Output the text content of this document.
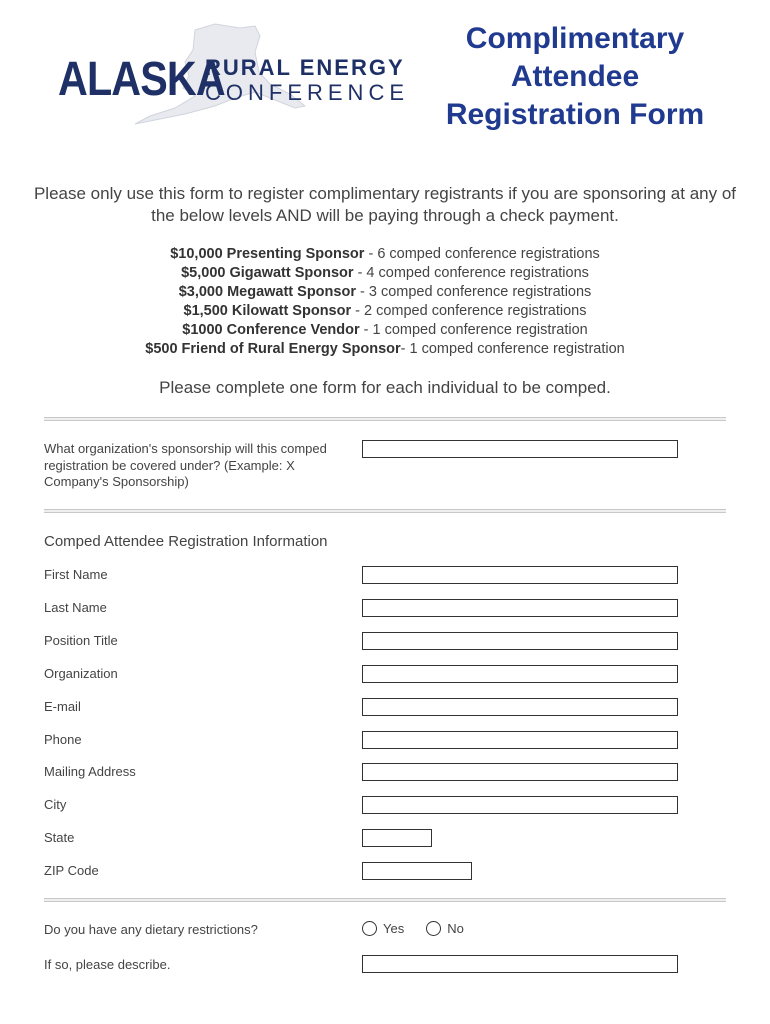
ALASKA
RURAL ENERGY
CONFERENCE
Complimentary
Attendee
Registration Form
Please only use this form to register complimentary registrants if you are sponsoring at any of the below levels AND will be paying through a check payment.
$10,000 Presenting Sponsor - 6 comped conference registrations
$5,000 Gigawatt Sponsor - 4 comped conference registrations
$3,000 Megawatt Sponsor - 3 comped conference registrations
$1,500 Kilowatt Sponsor - 2 comped conference registrations
$1000 Conference Vendor - 1 comped conference registration
$500 Friend of Rural Energy Sponsor- 1 comped conference registration
Please complete one form for each individual to be comped.
What organization's sponsorship will this comped registration be covered under? (Example: X Company's Sponsorship)
Comped Attendee Registration Information
First Name
Last Name
Position Title
Organization
E-mail
Phone
Mailing Address
City
State
ZIP Code
Do you have any dietary restrictions?	Yes	No
If so, please describe.
